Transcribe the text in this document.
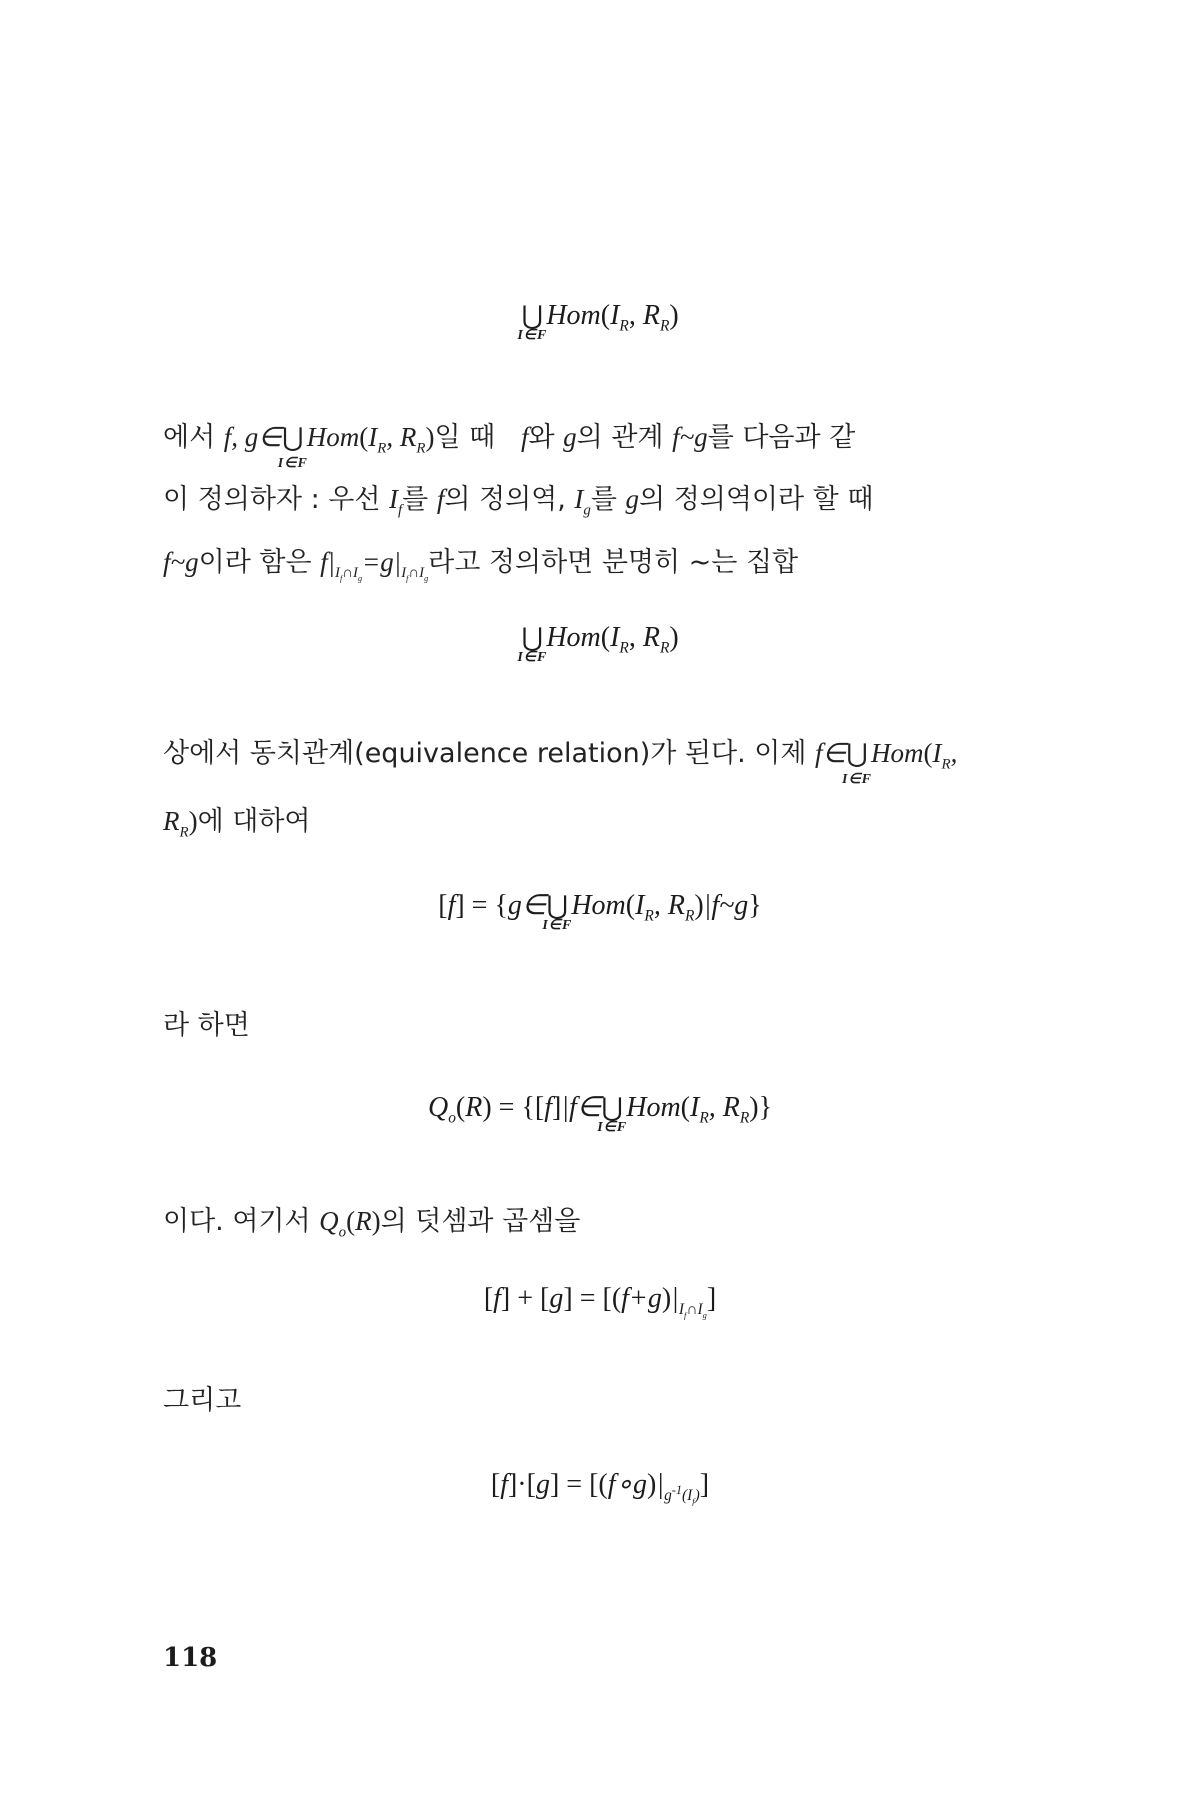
⋃
I∈F
$Hom(I_R$, $R_R$)
에서 f, g∈⋃
I∈F
$Hom(I_R$, $R_R$)일 때 f와 g의 관계 f~g를 다음과 같
이 정의하자 : 우선 $I_f$를 f의 정의역, $I_g$를 g의 정의역이라 할 때
f~g이라 함은 $f|_{I_f\cap I_g}=g|_{I_f\cap I_g}$라고 정의하면 분명히 ~는 집합
⋃
I∈F
$Hom(I_R$, $R_R$)
상에서 동치관계(equivalence relation)가 된다. 이제 f∈⋃
I∈F
$Hom(I_R$,
$R_R$)에 대하여
[f] = {g∈⋃
I∈F
$Hom(I_R$, $R_R)|f\sim g$}
라 하면
$Q_o(R)$ = {[f]|f∈⋃
I∈F
$Hom(I_R$, $R_R$)}
이다. 여기서 $Q_o(R)$의 덧셈과 곱셈을
$[f] + [g] = [(f+g)|_{I_f\cap I_g}]$
그리고
$[f]\cdot[g] = [(f\circ g)|_{g^{-1}(I_f)}]$
118
